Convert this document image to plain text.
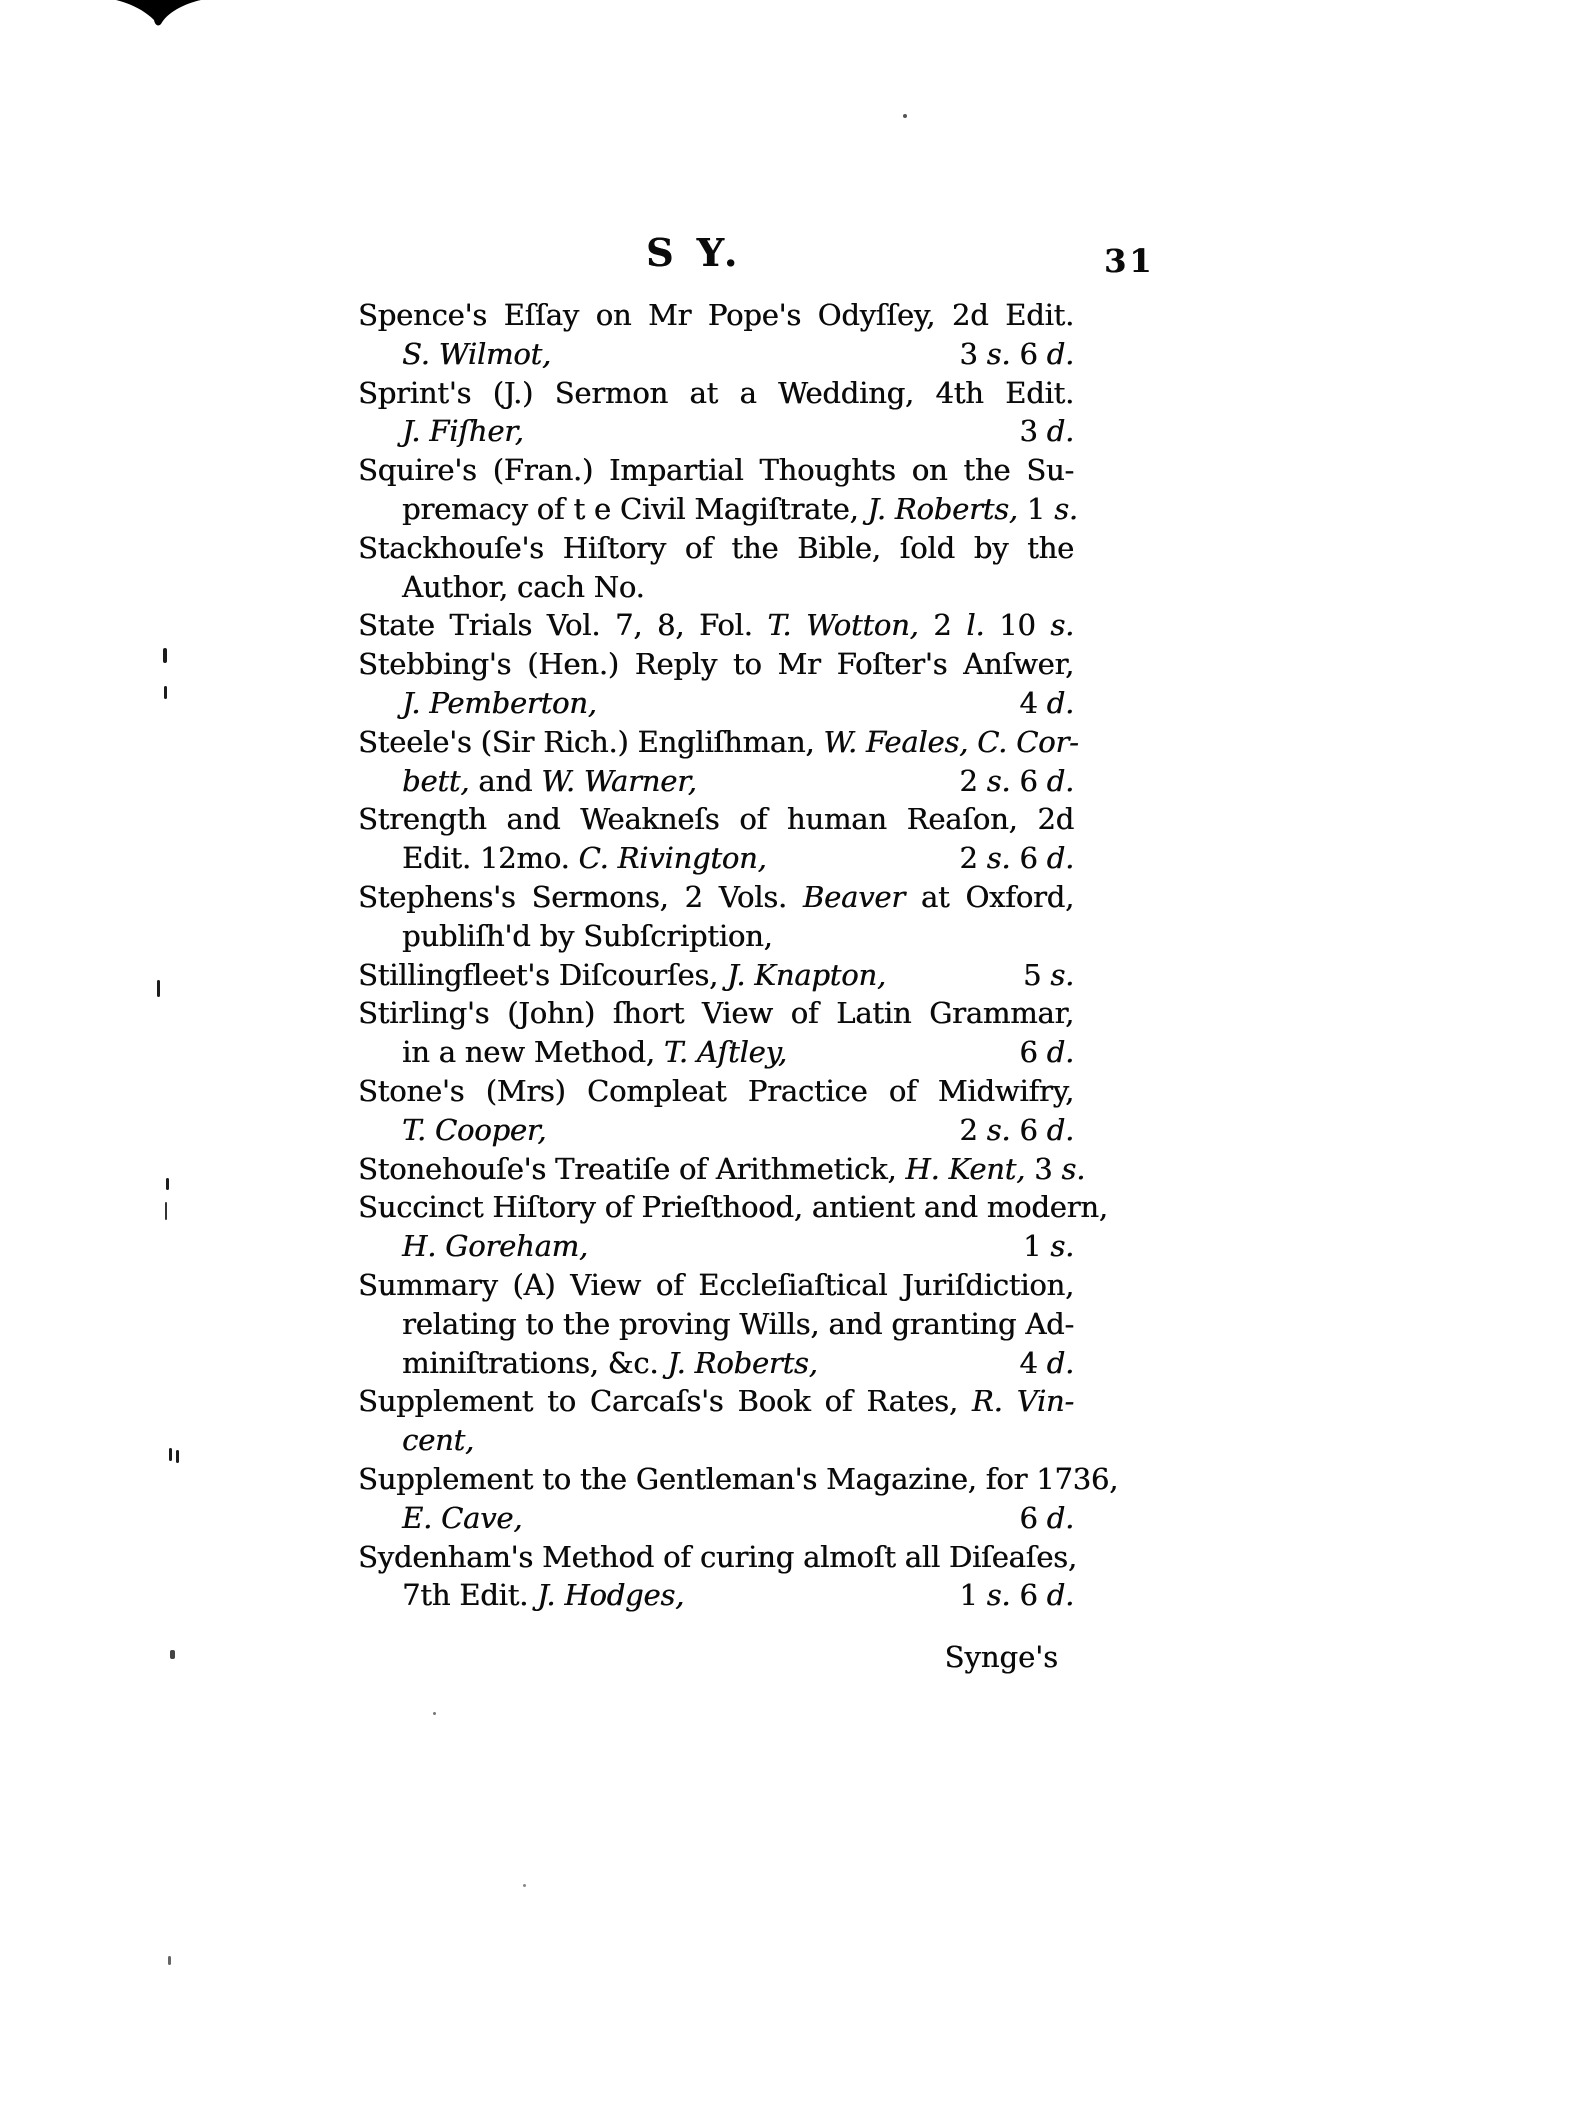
S Y.	31
Spence's Eſſay on Mr Pope's Odyſſey, 2d Edit.
S. Wilmot,	3 s. 6 d.
Sprint's (J.) Sermon at a Wedding, 4th Edit.
J. Fiſher,	3 d.
Squire's (Fran.) Impartial Thoughts on the Su-
premacy of t e Civil Magiſtrate, J. Roberts, 1 s.
Stackhouſe's Hiſtory of the Bible, ſold by the
Author, cach No.
State Trials Vol. 7, 8, Fol. T. Wotton, 2 l. 10 s.
Stebbing's (Hen.) Reply to Mr Foſter's Anſwer,
J. Pemberton,	4 d.
Steele's (Sir Rich.) Engliſhman, W. Feales, C. Cor-
bett, and W. Warner,	2 s. 6 d.
Strength and Weakneſs of human Reaſon, 2d
Edit. 12mo. C. Rivington,	2 s. 6 d.
Stephens's Sermons, 2 Vols. Beaver at Oxford,
publiſh'd by Subſcription,
Stillingfleet's Diſcourſes, J. Knapton,	5 s.
Stirling's (John) ſhort View of Latin Grammar,
in a new Method, T. Aſtley,	6 d.
Stone's (Mrs) Compleat Practice of Midwifry,
T. Cooper,	2 s. 6 d.
Stonehouſe's Treatiſe of Arithmetick, H. Kent, 3 s.
Succinct Hiſtory of Prieſthood, antient and modern,
H. Goreham,	1 s.
Summary (A) View of Eccleſiaſtical Juriſdiction,
relating to the proving Wills, and granting Ad-
miniſtrations, &c. J. Roberts,	4 d.
Supplement to Carcaſs's Book of Rates, R. Vin-
cent,
Supplement to the Gentleman's Magazine, for 1736,
E. Cave,	6 d.
Sydenham's Method of curing almoſt all Diſeaſes,
7th Edit. J. Hodges,	1 s. 6 d.
Synge's
